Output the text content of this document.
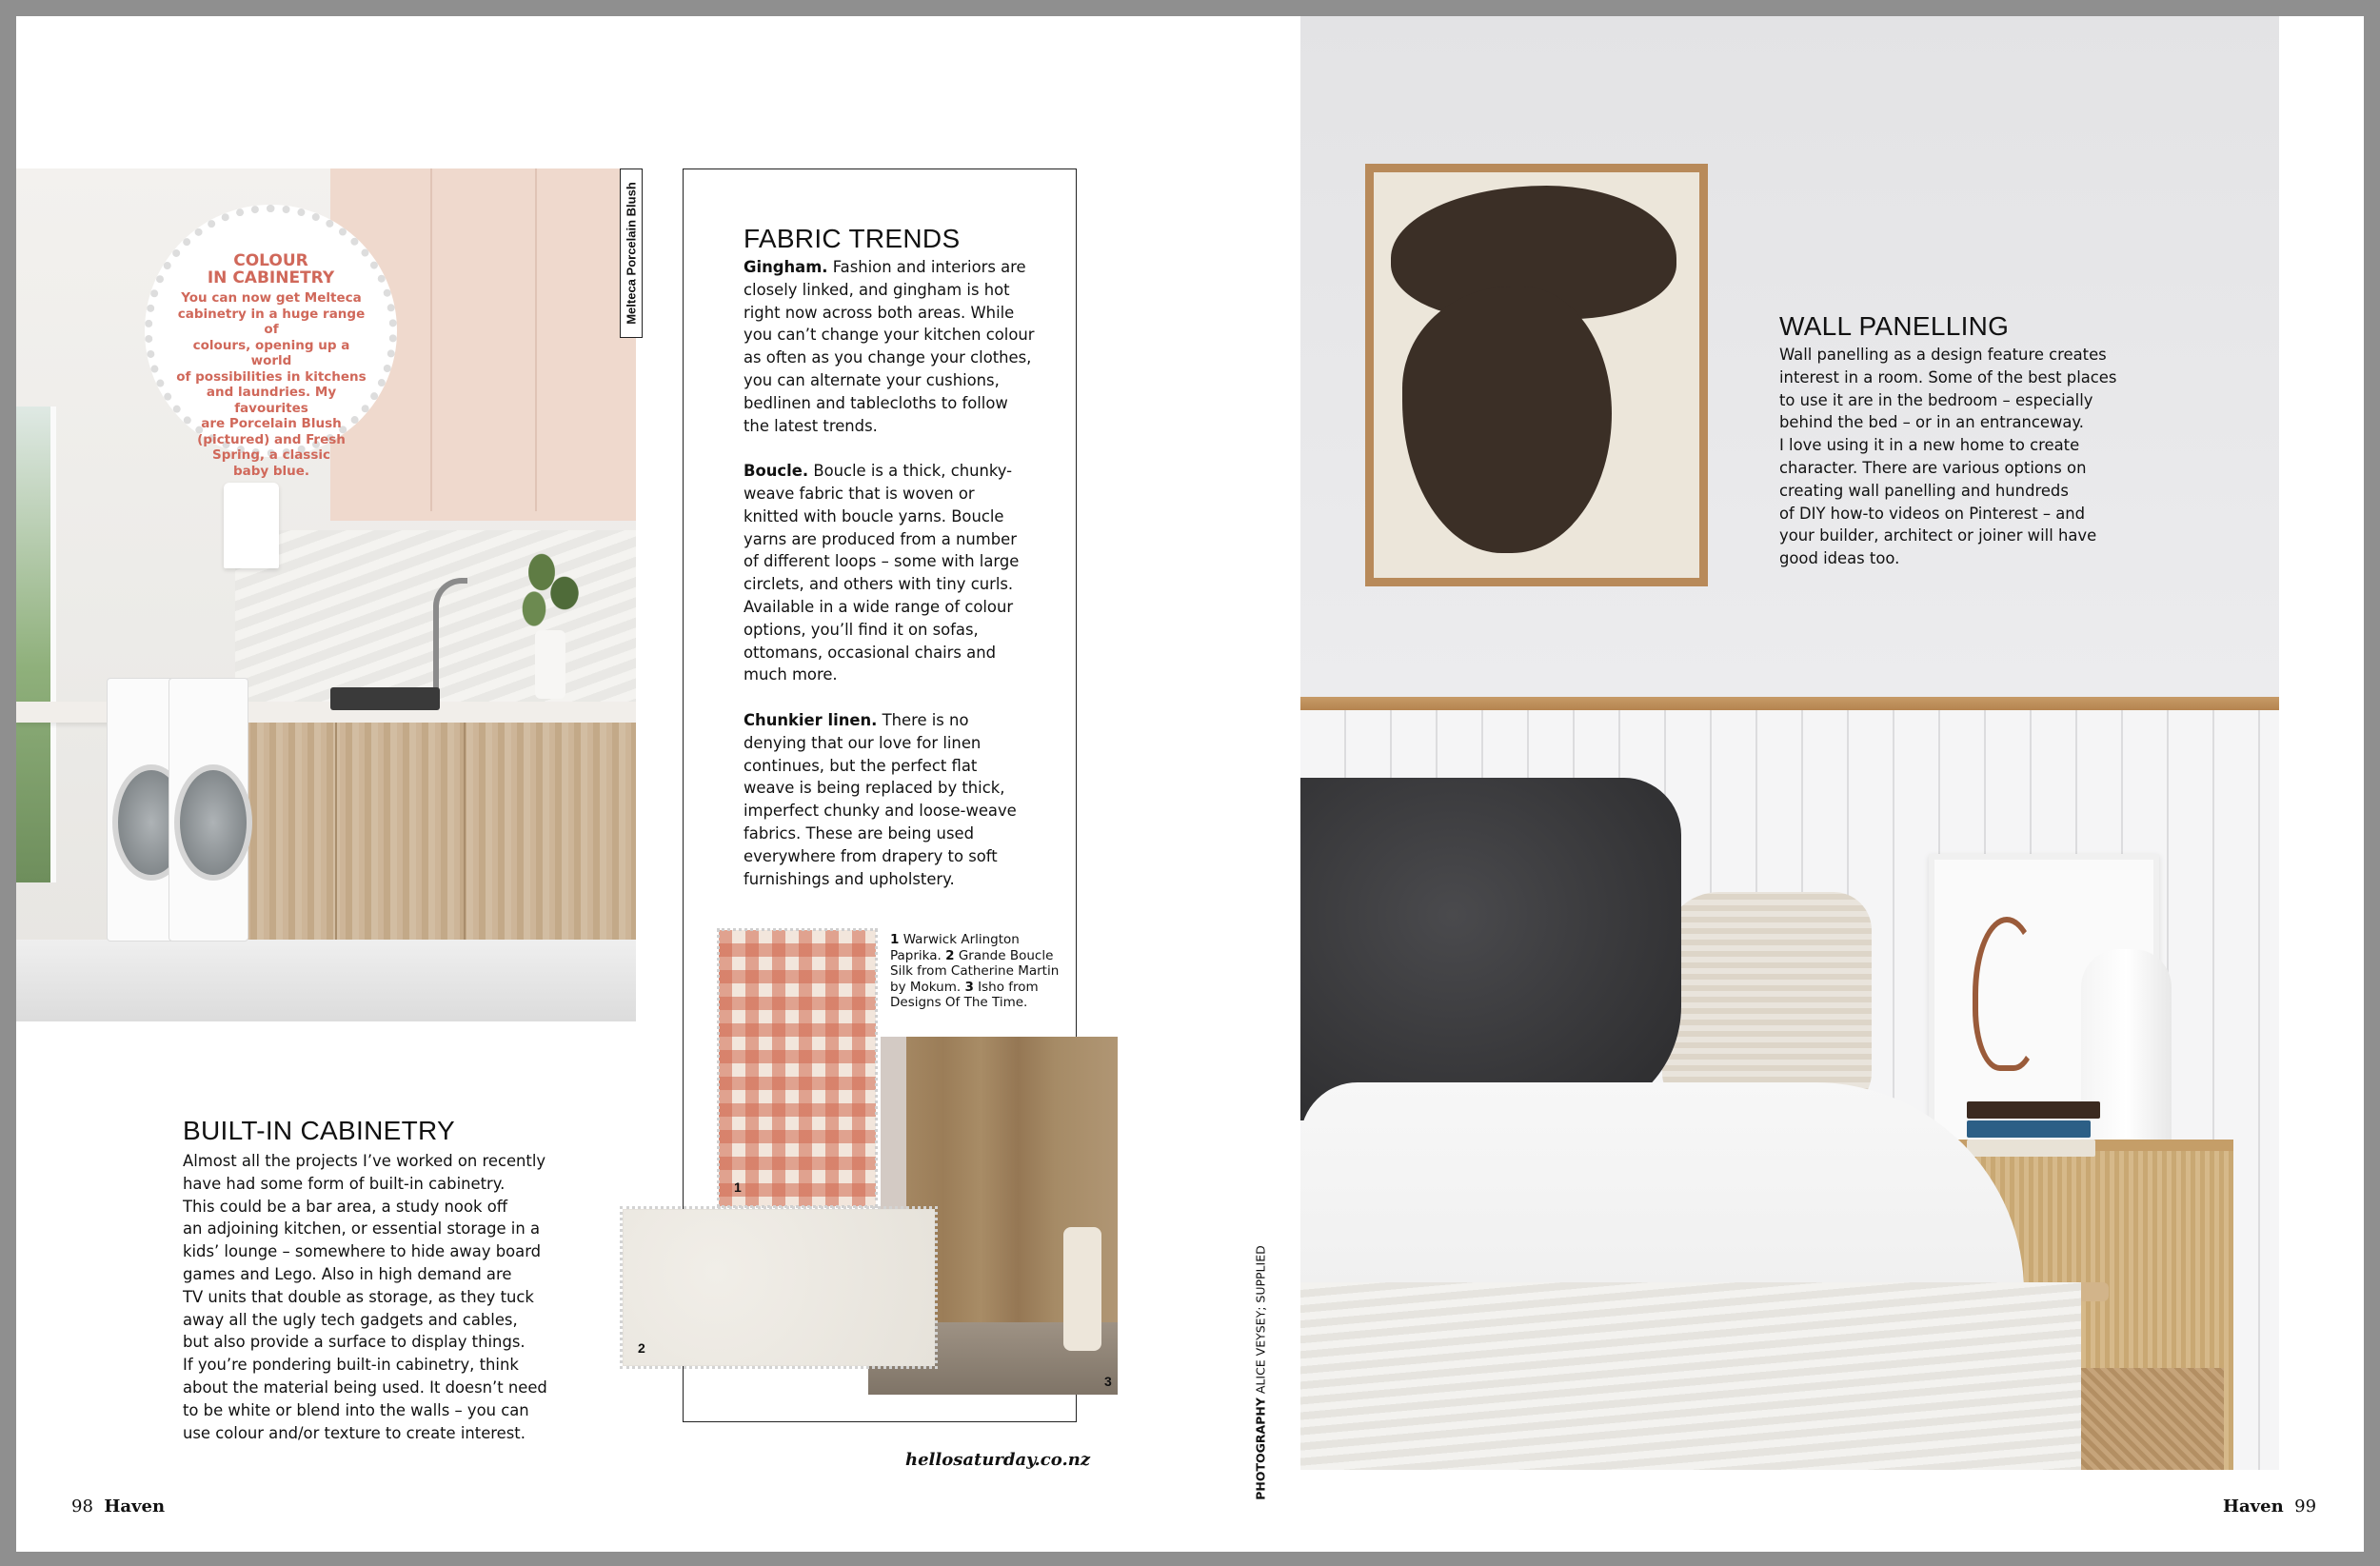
COLOUR
IN CABINETRY
You can now get Melteca
cabinetry in a huge range of
colours, opening up a world
of possibilities in kitchens
and laundries. My favourites
are Porcelain Blush
(pictured) and Fresh
Spring, a classic
baby blue.
Melteca Porcelain Blush
BUILT-IN CABINETRY
Almost all the projects I’ve worked on recently
have had some form of built-in cabinetry.
This could be a bar area, a study nook off
an adjoining kitchen, or essential storage in a
kids’ lounge – somewhere to hide away board
games and Lego. Also in high demand are
TV units that double as storage, as they tuck
away all the ugly tech gadgets and cables,
but also provide a surface to display things.
If you’re pondering built-in cabinetry, think
about the material being used. It doesn’t need
to be white or blend into the walls – you can
use colour and/or texture to create interest.
FABRIC TRENDS
Gingham. Fashion and interiors are
closely linked, and gingham is hot
right now across both areas. While
you can’t change your kitchen colour
as often as you change your clothes,
you can alternate your cushions,
bedlinen and tablecloths to follow
the latest trends.
Boucle. Boucle is a thick, chunky-
weave fabric that is woven or
knitted with boucle yarns. Boucle
yarns are produced from a number
of different loops – some with large
circlets, and others with tiny curls.
Available in a wide range of colour
options, you’ll find it on sofas,
ottomans, occasional chairs and
much more.
Chunkier linen. There is no
denying that our love for linen
continues, but the perfect flat
weave is being replaced by thick,
imperfect chunky and loose-weave
fabrics. These are being used
everywhere from drapery to soft
furnishings and upholstery.
3
1
2
1 Warwick Arlington
Paprika. 2 Grande Boucle
Silk from Catherine Martin
by Mokum. 3 Isho from
Designs Of The Time.
hellosaturday.co.nz
98 Haven
PHOTOGRAPHY ALICE VEYSEY; SUPPLIED
WALL PANELLING
Wall panelling as a design feature creates
interest in a room. Some of the best places
to use it are in the bedroom – especially
behind the bed – or in an entranceway.
I love using it in a new home to create
character. There are various options on
creating wall panelling and hundreds
of DIY how-to videos on Pinterest – and
your builder, architect or joiner will have
good ideas too.
Haven 99
